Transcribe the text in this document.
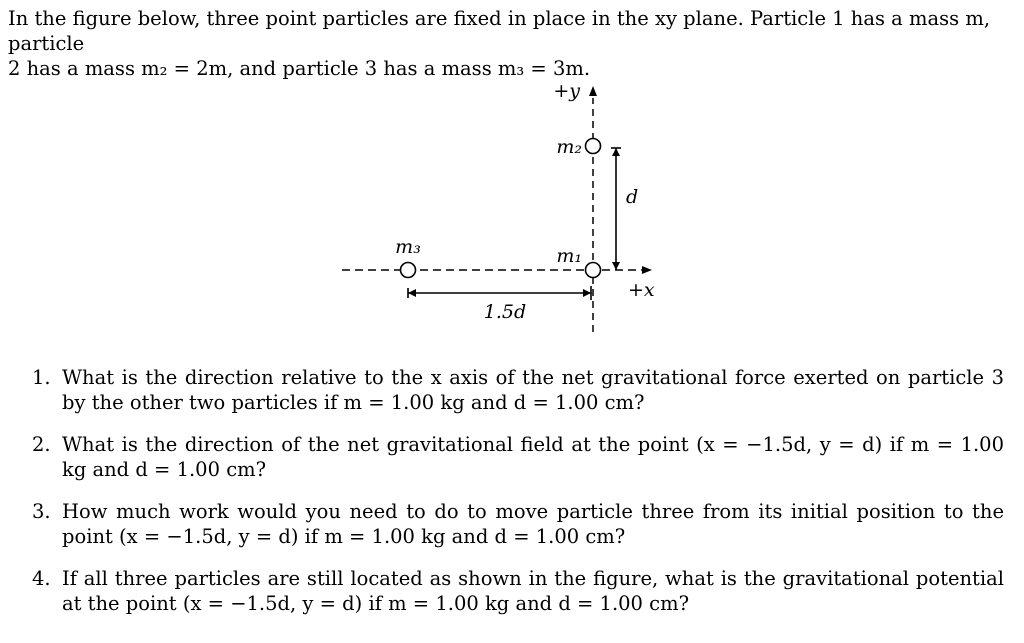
In the figure below, three point particles are fixed in place in the xy plane. Particle 1 has a mass m, particle
2 has a mass m₂ = 2m, and particle 3 has a mass m₃ = 3m.
+y
+x
m₂
m₁
m₃
d
1.5d
1. What is the direction relative to the x axis of the net gravitational force exerted on particle 3 by the other two particles if m = 1.00 kg and d = 1.00 cm?
2. What is the direction of the net gravitational field at the point (x = −1.5d, y = d) if m = 1.00 kg and d = 1.00 cm?
3. How much work would you need to do to move particle three from its initial position to the point (x = −1.5d, y = d) if m = 1.00 kg and d = 1.00 cm?
4. If all three particles are still located as shown in the figure, what is the gravitational potential at the point (x = −1.5d, y = d) if m = 1.00 kg and d = 1.00 cm?
